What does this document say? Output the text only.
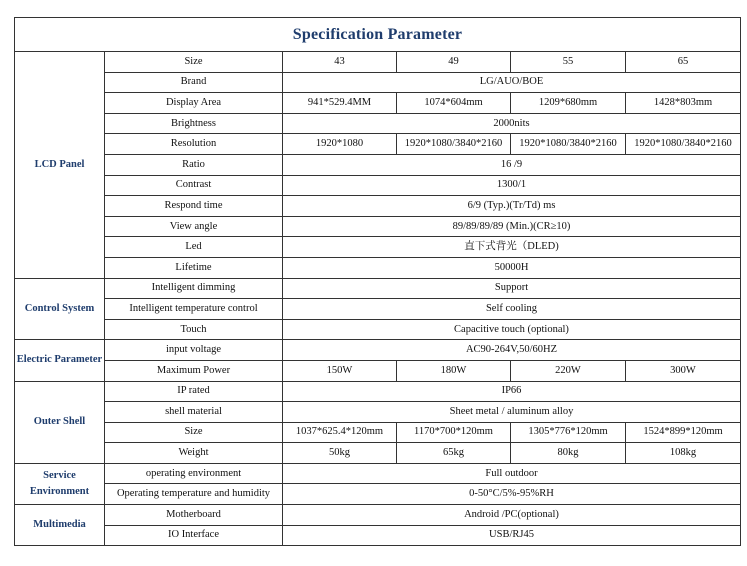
Specification Parameter					
LCD Panel	Size	43	49	55	65
	Brand	LG/AUO/BOE			
	Display Area	941*529.4MM	1074*604mm	1209*680mm	1428*803mm
	Brightness	2000nits			
	Resolution	1920*1080	1920*1080/3840*2160	1920*1080/3840*2160	1920*1080/3840*2160
	Ratio	16 /9			
	Contrast	1300/1			
	Respond time	6/9 (Typ.)(Tr/Td) ms			
	View angle	89/89/89/89 (Min.)(CR≥10)			
	Led	直下式背光（DLED)			
	Lifetime	50000H			
Control System	Intelligent dimming	Support			
	Intelligent temperature control	Self cooling			
	Touch	Capacitive touch (optional)			
Electric Parameter	input voltage	AC90-264V,50/60HZ			
	Maximum Power	150W	180W	220W	300W
Outer Shell	IP rated	IP66			
	shell material	Sheet metal / aluminum alloy			
	Size	1037*625.4*120mm	1170*700*120mm	1305*776*120mm	1524*899*120mm
	Weight	50kg	65kg	80kg	108kg
Service Environment	operating environment	Full outdoor			
	Operating temperature and humidity	0-50°C/5%-95%RH			
Multimedia	Motherboard	Android /PC(optional)			
	IO Interface	USB/RJ45			
